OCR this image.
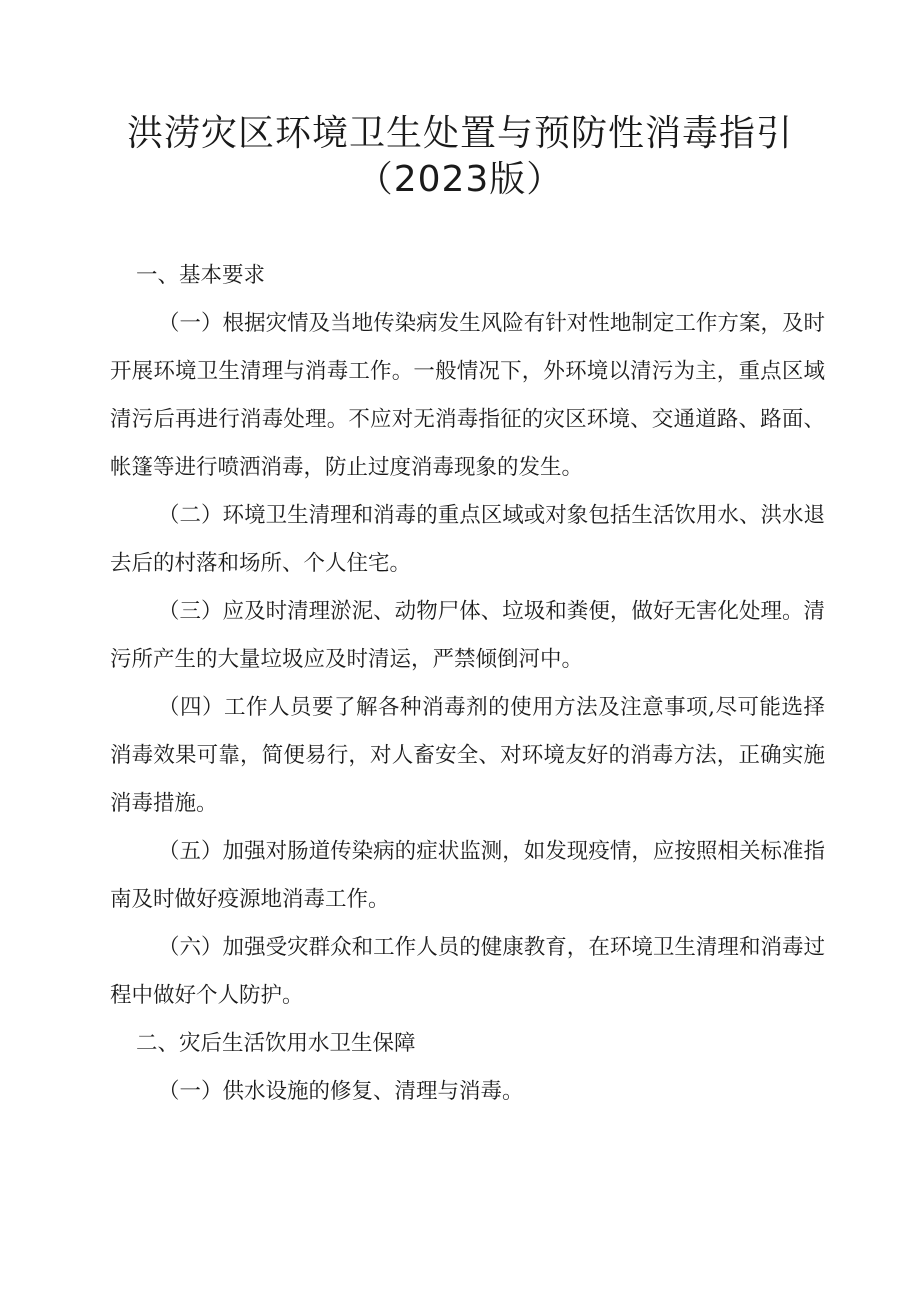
洪涝灾区环境卫生处置与预防性消毒指引
（2023版）

一、基本要求

（一）根据灾情及当地传染病发生风险有针对性地制定工作方案，及时开展环境卫生清理与消毒工作。一般情况下，外环境以清污为主，重点区域清污后再进行消毒处理。不应对无消毒指征的灾区环境、交通道路、路面、帐篷等进行喷洒消毒，防止过度消毒现象的发生。

（二）环境卫生清理和消毒的重点区域或对象包括生活饮用水、洪水退去后的村落和场所、个人住宅。

（三）应及时清理淤泥、动物尸体、垃圾和粪便，做好无害化处理。清污所产生的大量垃圾应及时清运，严禁倾倒河中。

（四）工作人员要了解各种消毒剂的使用方法及注意事项,尽可能选择消毒效果可靠，简便易行，对人畜安全、对环境友好的消毒方法，正确实施消毒措施。

（五）加强对肠道传染病的症状监测，如发现疫情，应按照相关标准指南及时做好疫源地消毒工作。

（六）加强受灾群众和工作人员的健康教育，在环境卫生清理和消毒过程中做好个人防护。

二、灾后生活饮用水卫生保障

（一）供水设施的修复、清理与消毒。
